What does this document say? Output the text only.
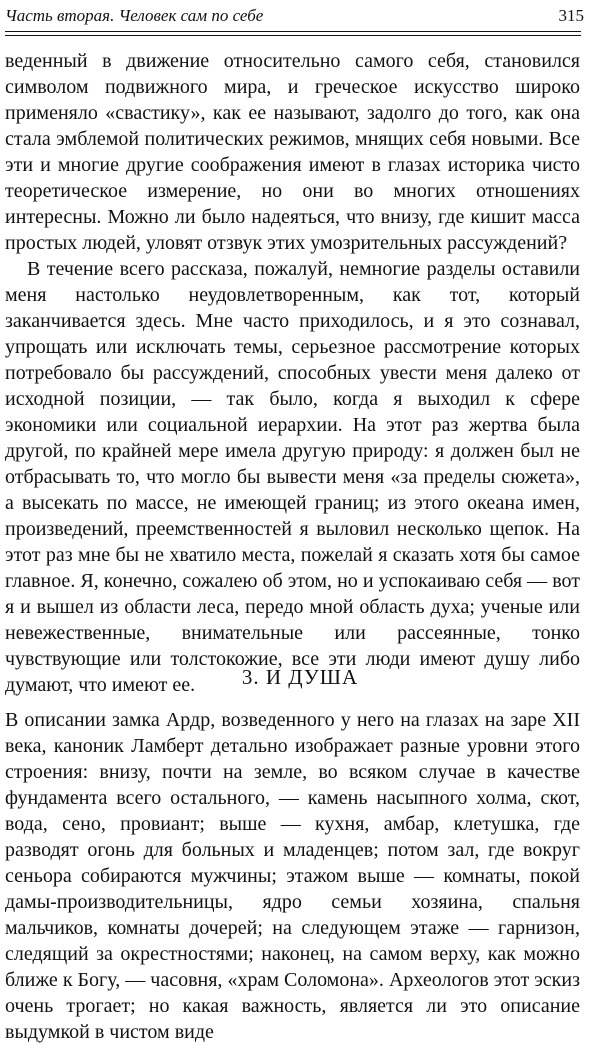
Часть вторая. Человек сам по себе	315

веденный в движение относительно самого себя, становился символом подвижного мира, и греческое искусство широко применяло «свастику», как ее называют, задолго до того, как она стала эмблемой политических режимов, мнящих себя новыми. Все эти и многие другие соображения имеют в глазах историка чисто теоретическое измерение, но они во многих отношениях интересны. Можно ли было надеяться, что внизу, где кишит масса простых людей, уловят отзвук этих умозрительных рассуждений?

В течение всего рассказа, пожалуй, немногие разделы оставили меня настолько неудовлетворенным, как тот, который заканчивается здесь. Мне часто приходилось, и я это сознавал, упрощать или исключать темы, серьезное рассмотрение которых потребовало бы рассуждений, способных увести меня далеко от исходной позиции, — так было, когда я выходил к сфере экономики или социальной иерархии. На этот раз жертва была другой, по крайней мере имела другую природу: я должен был не отбрасывать то, что могло бы вывести меня «за пределы сюжета», а высекать по массе, не имеющей границ; из этого океана имен, произведений, преемственностей я выловил несколько щепок. На этот раз мне бы не хватило места, пожелай я сказать хотя бы самое главное. Я, конечно, сожалею об этом, но и успокаиваю себя — вот я и вышел из области леса, передо мной область духа; ученые или невежественные, внимательные или рассеянные, тонко чувствующие или толстокожие, все эти люди имеют душу либо думают, что имеют ее.	3. И ДУША

В описании замка Ардр, возведенного у него на глазах на заре XII века, каноник Ламберт детально изображает разные уровни этого строения: внизу, почти на земле, во всяком случае в качестве фундамента всего остального, — камень насыпного холма, скот, вода, сено, провиант; выше — кухня, амбар, клетушка, где разводят огонь для больных и младенцев; потом зал, где вокруг сеньора собираются мужчины; этажом выше — комнаты, покой дамы-производительницы, ядро семьи хозяина, спальня мальчиков, комнаты дочерей; на следующем этаже — гарнизон, следящий за окрестностями; наконец, на самом верху, как можно ближе к Богу, — часовня, «храм Соломона». Археологов этот эскиз очень трогает; но какая важность, является ли это описание выдумкой в чистом виде
